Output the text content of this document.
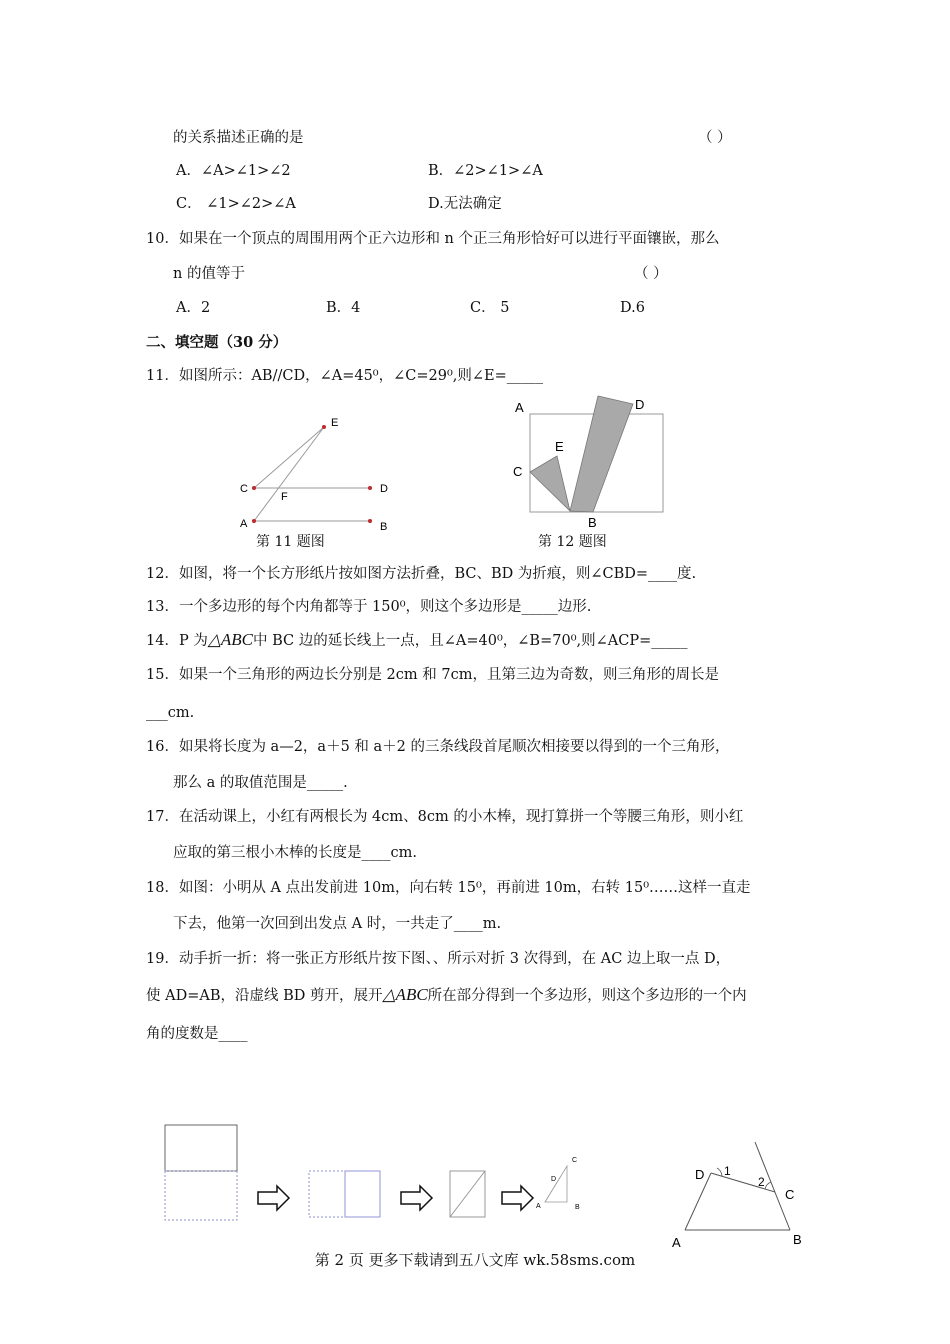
的关系描述正确的是	（ ）
A．∠A>∠1>∠2	B．∠2>∠1>∠A
C． ∠1>∠2>∠A	D.无法确定
10．如果在一个顶点的周围用两个正六边形和 n 个正三角形恰好可以进行平面镶嵌，那么
n 的值等于	（ ）
A．2	B．4	C． 5	D.6
二、填空题（30 分）
11．如图所示：AB//CD，∠A=45⁰，∠C=29⁰,则∠E=_____
E
C	D
F
A	B
第 11 题图
A	D
E
C
B
第 12 题图
12．如图，将一个长方形纸片按如图方法折叠，BC、BD 为折痕，则∠CBD=____度.
13．一个多边形的每个内角都等于 150⁰，则这个多边形是_____边形.
14．P 为△ABC中 BC 边的延长线上一点，且∠A=40⁰，∠B=70⁰,则∠ACP=_____
15．如果一个三角形的两边长分别是 2cm 和 7cm，且第三边为奇数，则三角形的周长是
___cm.
16．如果将长度为 a—2，a＋5 和 a＋2 的三条线段首尾顺次相接要以得到的一个三角形，
那么 a 的取值范围是_____.
17．在活动课上，小红有两根长为 4cm、8cm 的小木棒，现打算拼一个等腰三角形，则小红
应取的第三根小木棒的长度是____cm.
18．如图：小明从 A 点出发前进 10m，向右转 15⁰，再前进 10m，右转 15⁰……这样一直走
下去，他第一次回到出发点 A 时，一共走了____m.
19．动手折一折：将一张正方形纸片按下图、、所示对折 3 次得到，在 AC 边上取一点 D，
使 AD=AB，沿虚线 BD 剪开，展开△ABC所在部分得到一个多边形，则这个多边形的一个内
角的度数是____
C
D
A	B
D 1
2
C
A	B
第 2 页 更多下载请到五八文库 wk.58sms.com
